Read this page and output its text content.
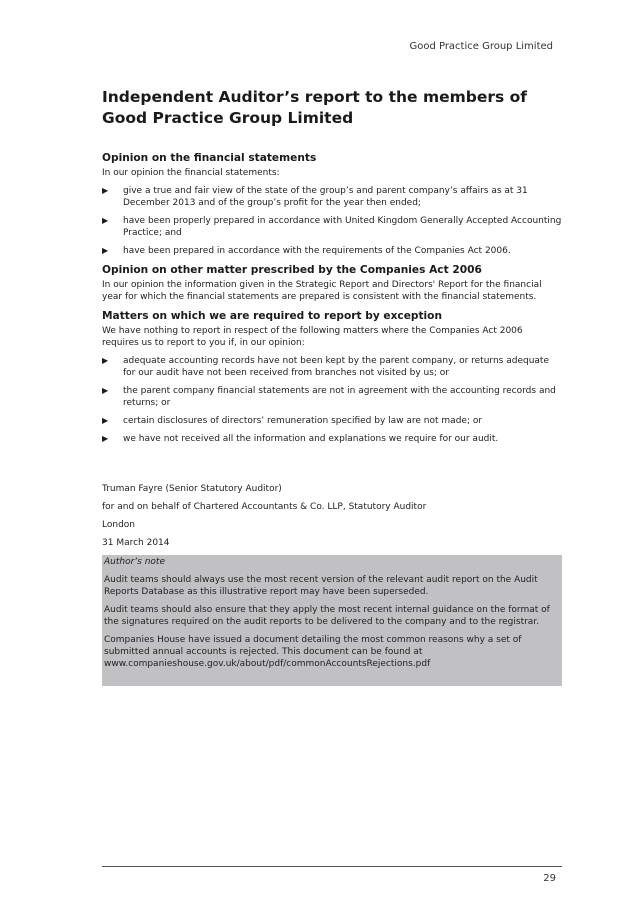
Good Practice Group Limited
Independent Auditor’s report to the members of Good Practice Group Limited
Opinion on the financial statements

In our opinion the financial statements:

▶ give a true and fair view of the state of the group’s and parent company’s affairs as at 31 December 2013 and of the group’s profit for the year then ended;
▶ have been properly prepared in accordance with United Kingdom Generally Accepted Accounting Practice; and
▶ have been prepared in accordance with the requirements of the Companies Act 2006.
Opinion on other matter prescribed by the Companies Act 2006

In our opinion the information given in the Strategic Report and Directors' Report for the financial year for which the financial statements are prepared is consistent with the financial statements.

Matters on which we are required to report by exception

We have nothing to report in respect of the following matters where the Companies Act 2006 requires us to report to you if, in our opinion:

▶ adequate accounting records have not been kept by the parent company, or returns adequate for our audit have not been received from branches not visited by us; or
▶ the parent company financial statements are not in agreement with the accounting records and returns; or
▶ certain disclosures of directors’ remuneration specified by law are not made; or
▶ we have not received all the information and explanations we require for our audit.

Truman Fayre (Senior Statutory Auditor)

for and on behalf of Chartered Accountants & Co. LLP, Statutory Auditor

London

31 March 2014

Author’s note

Audit teams should always use the most recent version of the relevant audit report on the Audit Reports Database as this illustrative report may have been superseded.

Audit teams should also ensure that they apply the most recent internal guidance on the format of the signatures required on the audit reports to be delivered to the company and to the registrar.

Companies House have issued a document detailing the most common reasons why a set of submitted annual accounts is rejected. This document can be found at www.companieshouse.gov.uk/about/pdf/commonAccountsRejections.pdf

29
